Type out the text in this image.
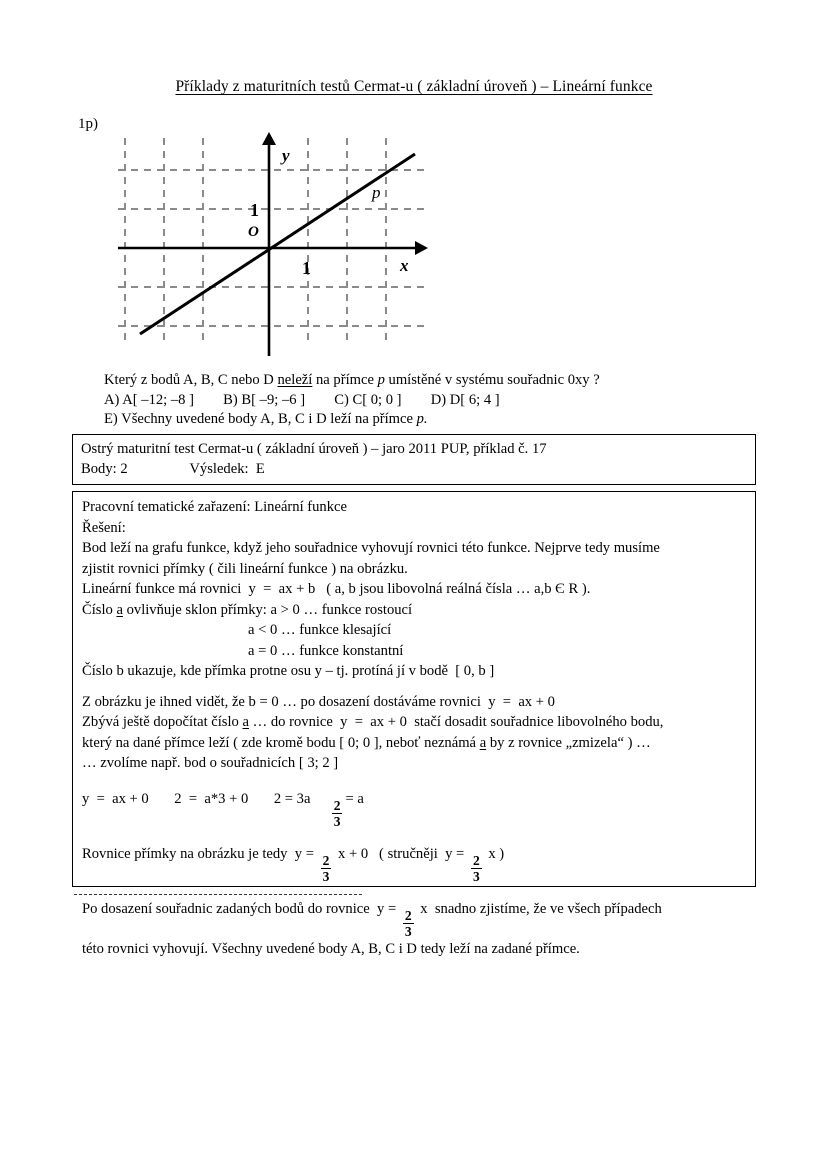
Příklady z maturitních testů Cermat-u ( základní úroveň ) – Lineární funkce
1p)
y
x
O
1
1
p
Který z bodů A, B, C nebo D neleží na přímce p umístěné v systému souřadnic 0xy ?
A) A[ –12; –8 ]        B) B[ –9; –6 ]        C) C[ 0; 0 ]        D) D[ 6; 4 ]
E) Všechny uvedené body A, B, C i D leží na přímce p.
Ostrý maturitní test Cermat-u ( základní úroveň ) – jaro 2011 PUP, příklad č. 17
Body: 2                 Výsledek:  E
Pracovní tematické zařazení: Lineární funkce
Řešení:
Bod leží na grafu funkce, když jeho souřadnice vyhovují rovnici této funkce. Nejprve tedy musíme
zjistit rovnici přímky ( čili lineární funkce ) na obrázku.
Lineární funkce má rovnici  y  =  ax + b   ( a, b jsou libovolná reálná čísla … a,b Є R ).
Číslo a ovlivňuje sklon přímky: a > 0 … funkce rostoucí
a < 0 … funkce klesající
a = 0 … funkce konstantní
Číslo b ukazuje, kde přímka protne osu y – tj. protíná jí v bodě  [ 0, b ]
Z obrázku je ihned vidět, že b = 0 … po dosazení dostáváme rovnici  y  =  ax + 0
Zbývá ještě dopočítat číslo a … do rovnice  y  =  ax + 0  stačí dosadit souřadnice libovolného bodu,
který na dané přímce leží ( zde kromě bodu [ 0; 0 ], neboť neznámá a by z rovnice „zmizela“ ) …
… zvolíme např. bod o souřadnicích [ 3; 2 ]
y  =  ax + 0 2  =  a*3 + 0 $2 = 3a \frac{2}{3} = a$
Rovnice přímky na obrázku je tedy  $y = \frac{2}{3}$ x + 0   ( stručněji  $y = \frac{2}{3}$ x )
Po dosazení souřadnic zadaných bodů do rovnice  $y = \frac{2}{3}$ x  snadno zjistíme, že ve všech případech
této rovnici vyhovují. Všechny uvedené body A, B, C i D tedy leží na zadané přímce.
